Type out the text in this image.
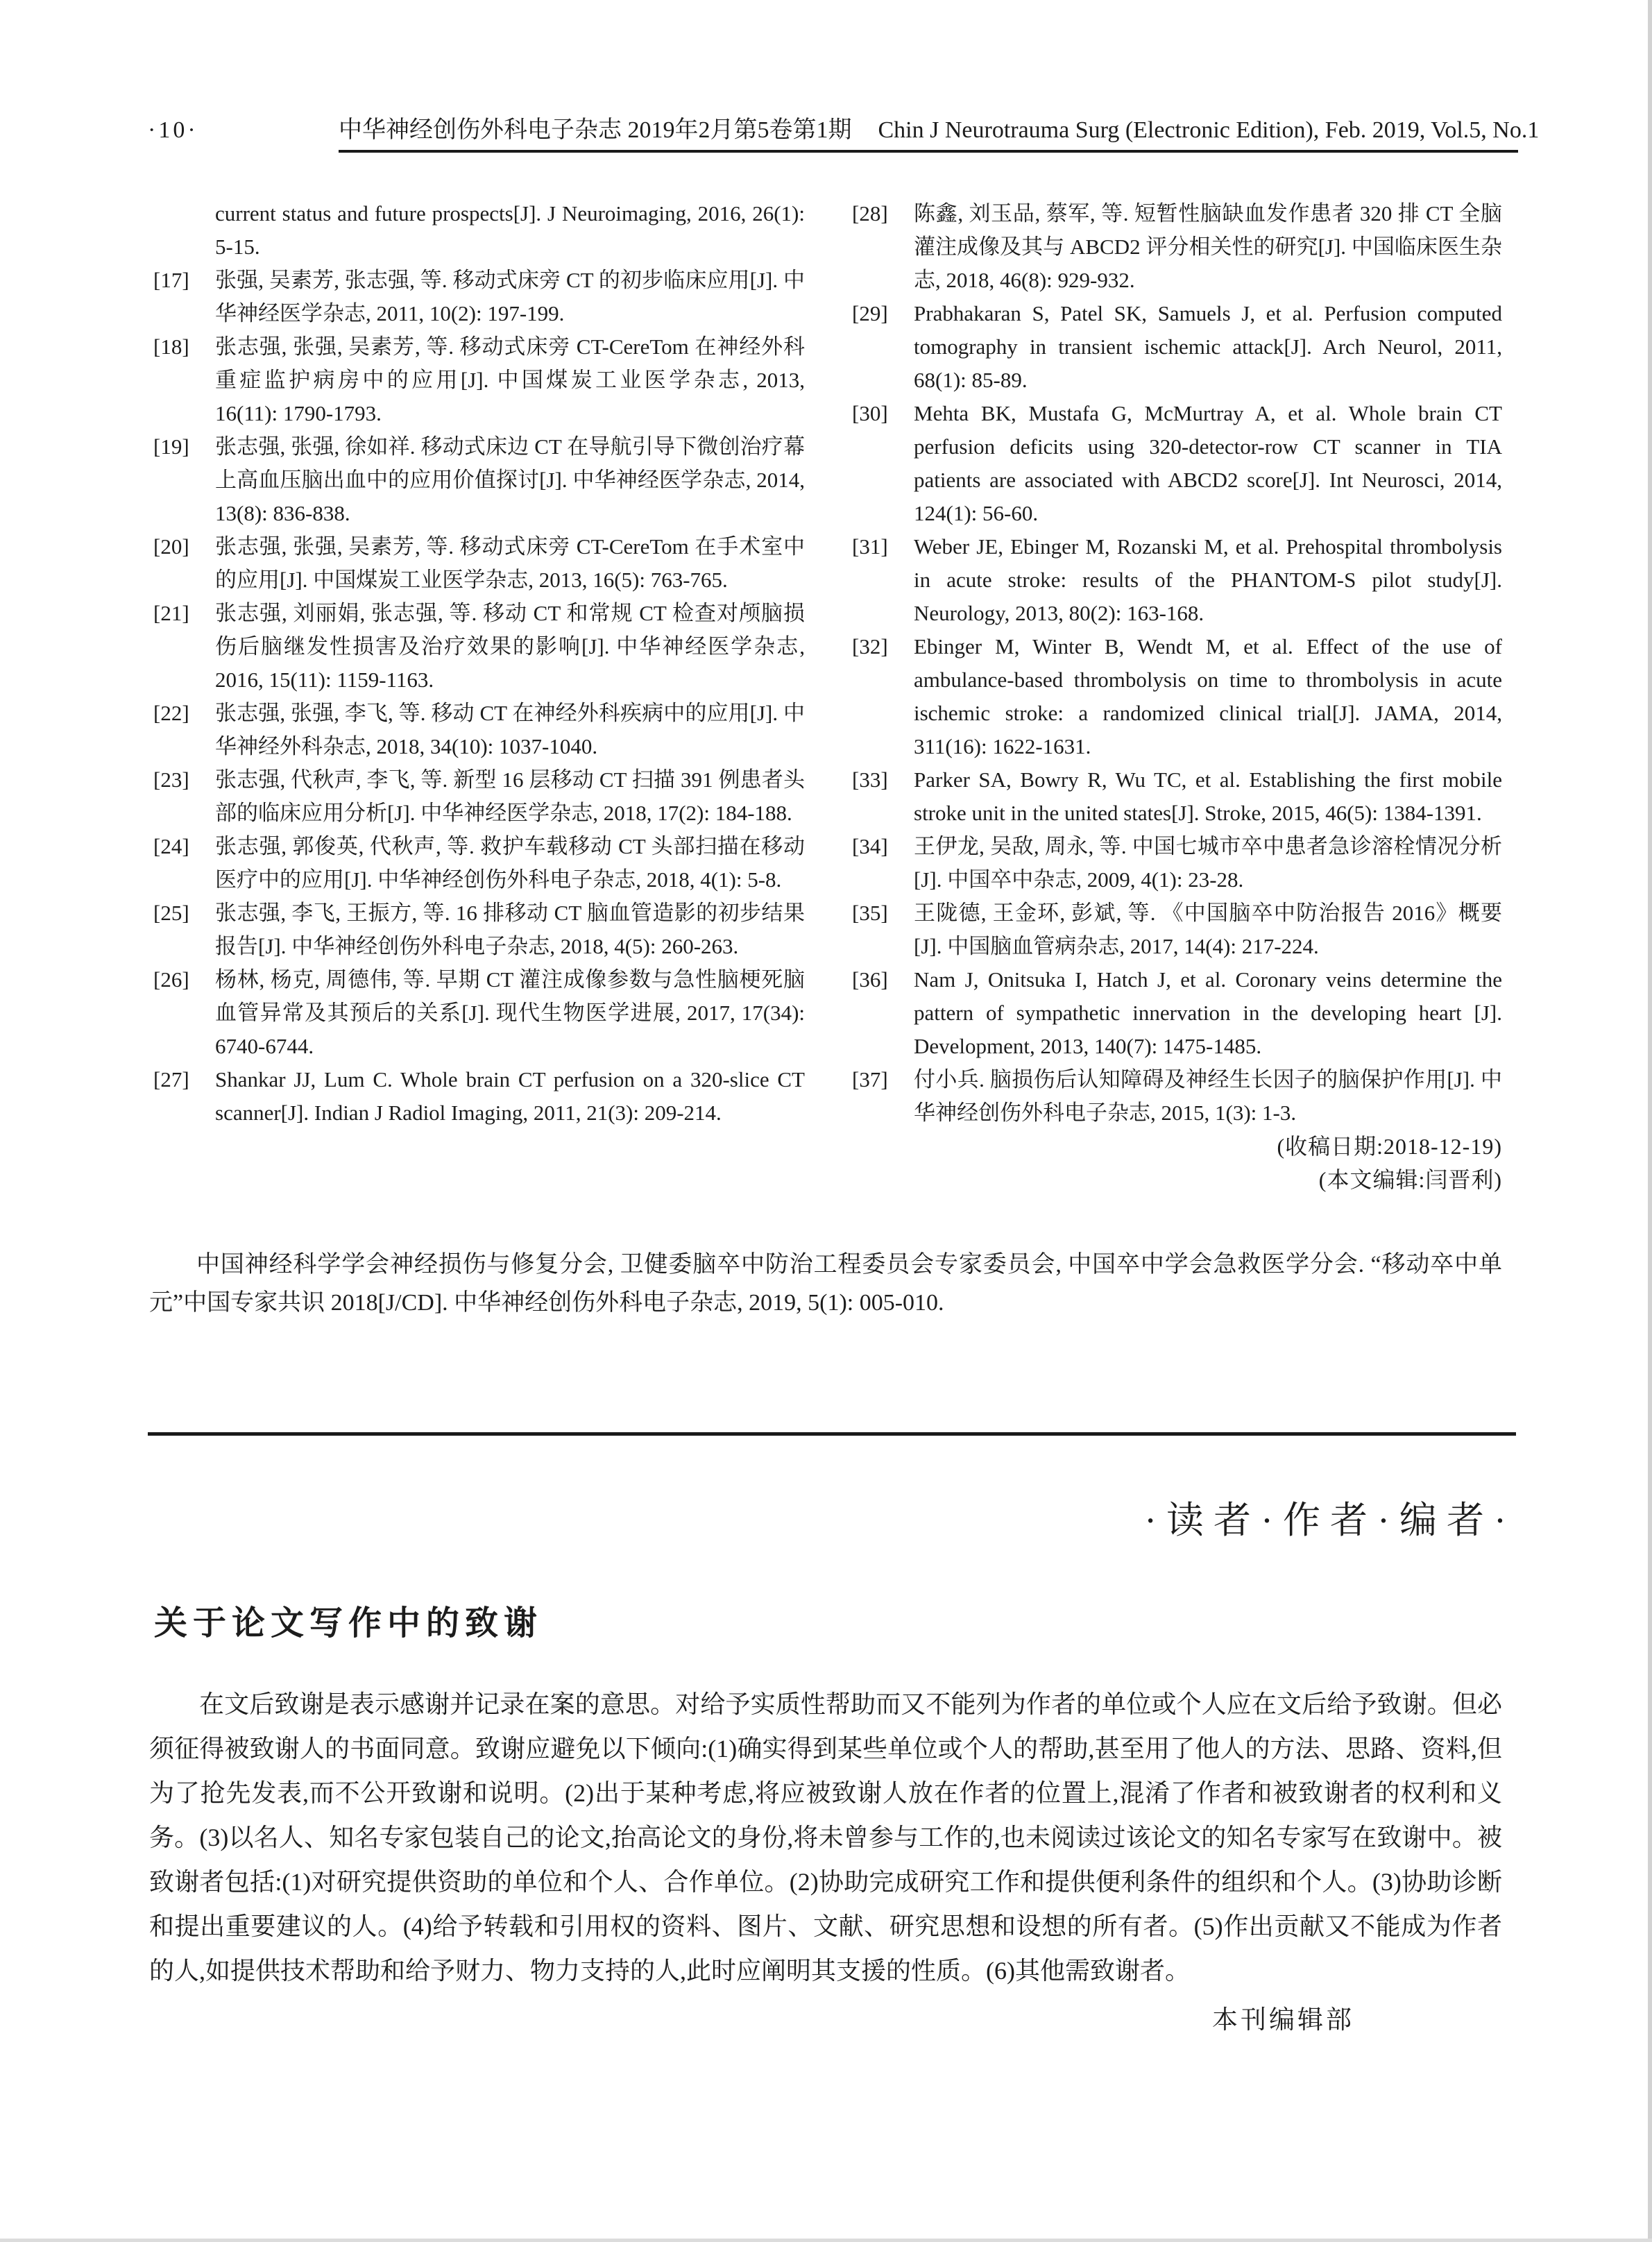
·10·	中华神经创伤外科电子杂志 2019年2月第5卷第1期 Chin J Neurotrauma Surg (Electronic Edition), Feb. 2019, Vol.5, No.1

current status and future prospects[J]. J Neuroimaging, 2016, 26(1): 5-15.

[17] 张强, 吴素芳, 张志强, 等. 移动式床旁 CT 的初步临床应用[J]. 中华神经医学杂志, 2011, 10(2): 197-199.

[18] 张志强, 张强, 吴素芳, 等. 移动式床旁 CT-CereTom 在神经外科重症监护病房中的应用[J]. 中国煤炭工业医学杂志, 2013, 16(11): 1790-1793.

[19] 张志强, 张强, 徐如祥. 移动式床边 CT 在导航引导下微创治疗幕上高血压脑出血中的应用价值探讨[J]. 中华神经医学杂志, 2014, 13(8): 836-838.

[20] 张志强, 张强, 吴素芳, 等. 移动式床旁 CT-CereTom 在手术室中的应用[J]. 中国煤炭工业医学杂志, 2013, 16(5): 763-765.

[21] 张志强, 刘丽娟, 张志强, 等. 移动 CT 和常规 CT 检查对颅脑损伤后脑继发性损害及治疗效果的影响[J]. 中华神经医学杂志, 2016, 15(11): 1159-1163.

[22] 张志强, 张强, 李飞, 等. 移动 CT 在神经外科疾病中的应用[J]. 中华神经外科杂志, 2018, 34(10): 1037-1040.

[23] 张志强, 代秋声, 李飞, 等. 新型 16 层移动 CT 扫描 391 例患者头部的临床应用分析[J]. 中华神经医学杂志, 2018, 17(2): 184-188.

[24] 张志强, 郭俊英, 代秋声, 等. 救护车载移动 CT 头部扫描在移动医疗中的应用[J]. 中华神经创伤外科电子杂志, 2018, 4(1): 5-8.

[25] 张志强, 李飞, 王振方, 等. 16 排移动 CT 脑血管造影的初步结果报告[J]. 中华神经创伤外科电子杂志, 2018, 4(5): 260-263.

[26] 杨林, 杨克, 周德伟, 等. 早期 CT 灌注成像参数与急性脑梗死脑血管异常及其预后的关系[J]. 现代生物医学进展, 2017, 17(34): 6740-6744.

[27] Shankar JJ, Lum C. Whole brain CT perfusion on a 320-slice CT scanner[J]. Indian J Radiol Imaging, 2011, 21(3): 209-214.

[28] 陈鑫, 刘玉品, 蔡军, 等. 短暂性脑缺血发作患者 320 排 CT 全脑灌注成像及其与 ABCD2 评分相关性的研究[J]. 中国临床医生杂志, 2018, 46(8): 929-932.

[29] Prabhakaran S, Patel SK, Samuels J, et al. Perfusion computed tomography in transient ischemic attack[J]. Arch Neurol, 2011, 68(1): 85-89.

[30] Mehta BK, Mustafa G, McMurtray A, et al. Whole brain CT perfusion deficits using 320-detector-row CT scanner in TIA patients are associated with ABCD2 score[J]. Int Neurosci, 2014, 124(1): 56-60.

[31] Weber JE, Ebinger M, Rozanski M, et al. Prehospital thrombolysis in acute stroke: results of the PHANTOM-S pilot study[J]. Neurology, 2013, 80(2): 163-168.

[32] Ebinger M, Winter B, Wendt M, et al. Effect of the use of ambulance-based thrombolysis on time to thrombolysis in acute ischemic stroke: a randomized clinical trial[J]. JAMA, 2014, 311(16): 1622-1631.

[33] Parker SA, Bowry R, Wu TC, et al. Establishing the first mobile stroke unit in the united states[J]. Stroke, 2015, 46(5): 1384-1391.

[34] 王伊龙, 吴敌, 周永, 等. 中国七城市卒中患者急诊溶栓情况分析[J]. 中国卒中杂志, 2009, 4(1): 23-28.

[35] 王陇德, 王金环, 彭斌, 等. 《中国脑卒中防治报告 2016》概要[J]. 中国脑血管病杂志, 2017, 14(4): 217-224.

[36] Nam J, Onitsuka I, Hatch J, et al. Coronary veins determine the pattern of sympathetic innervation in the developing heart [J]. Development, 2013, 140(7): 1475-1485.

[37] 付小兵. 脑损伤后认知障碍及神经生长因子的脑保护作用[J]. 中华神经创伤外科电子杂志, 2015, 1(3): 1-3.

(收稿日期:2018-12-19)

(本文编辑:闫晋利)

中国神经科学学会神经损伤与修复分会, 卫健委脑卒中防治工程委员会专家委员会, 中国卒中学会急救医学分会. “移动卒中单元”中国专家共识 2018[J/CD]. 中华神经创伤外科电子杂志, 2019, 5(1): 005-010.

·读者·作者·编者·
关于论文写作中的致谢

在文后致谢是表示感谢并记录在案的意思。对给予实质性帮助而又不能列为作者的单位或个人应在文后给予致谢。但必须征得被致谢人的书面同意。致谢应避免以下倾向:(1)确实得到某些单位或个人的帮助,甚至用了他人的方法、思路、资料,但为了抢先发表,而不公开致谢和说明。(2)出于某种考虑,将应被致谢人放在作者的位置上,混淆了作者和被致谢者的权利和义务。(3)以名人、知名专家包装自己的论文,抬高论文的身份,将未曾参与工作的,也未阅读过该论文的知名专家写在致谢中。被致谢者包括:(1)对研究提供资助的单位和个人、合作单位。(2)协助完成研究工作和提供便利条件的组织和个人。(3)协助诊断和提出重要建议的人。(4)给予转载和引用权的资料、图片、文献、研究思想和设想的所有者。(5)作出贡献又不能成为作者的人,如提供技术帮助和给予财力、物力支持的人,此时应阐明其支援的性质。(6)其他需致谢者。

本刊编辑部
